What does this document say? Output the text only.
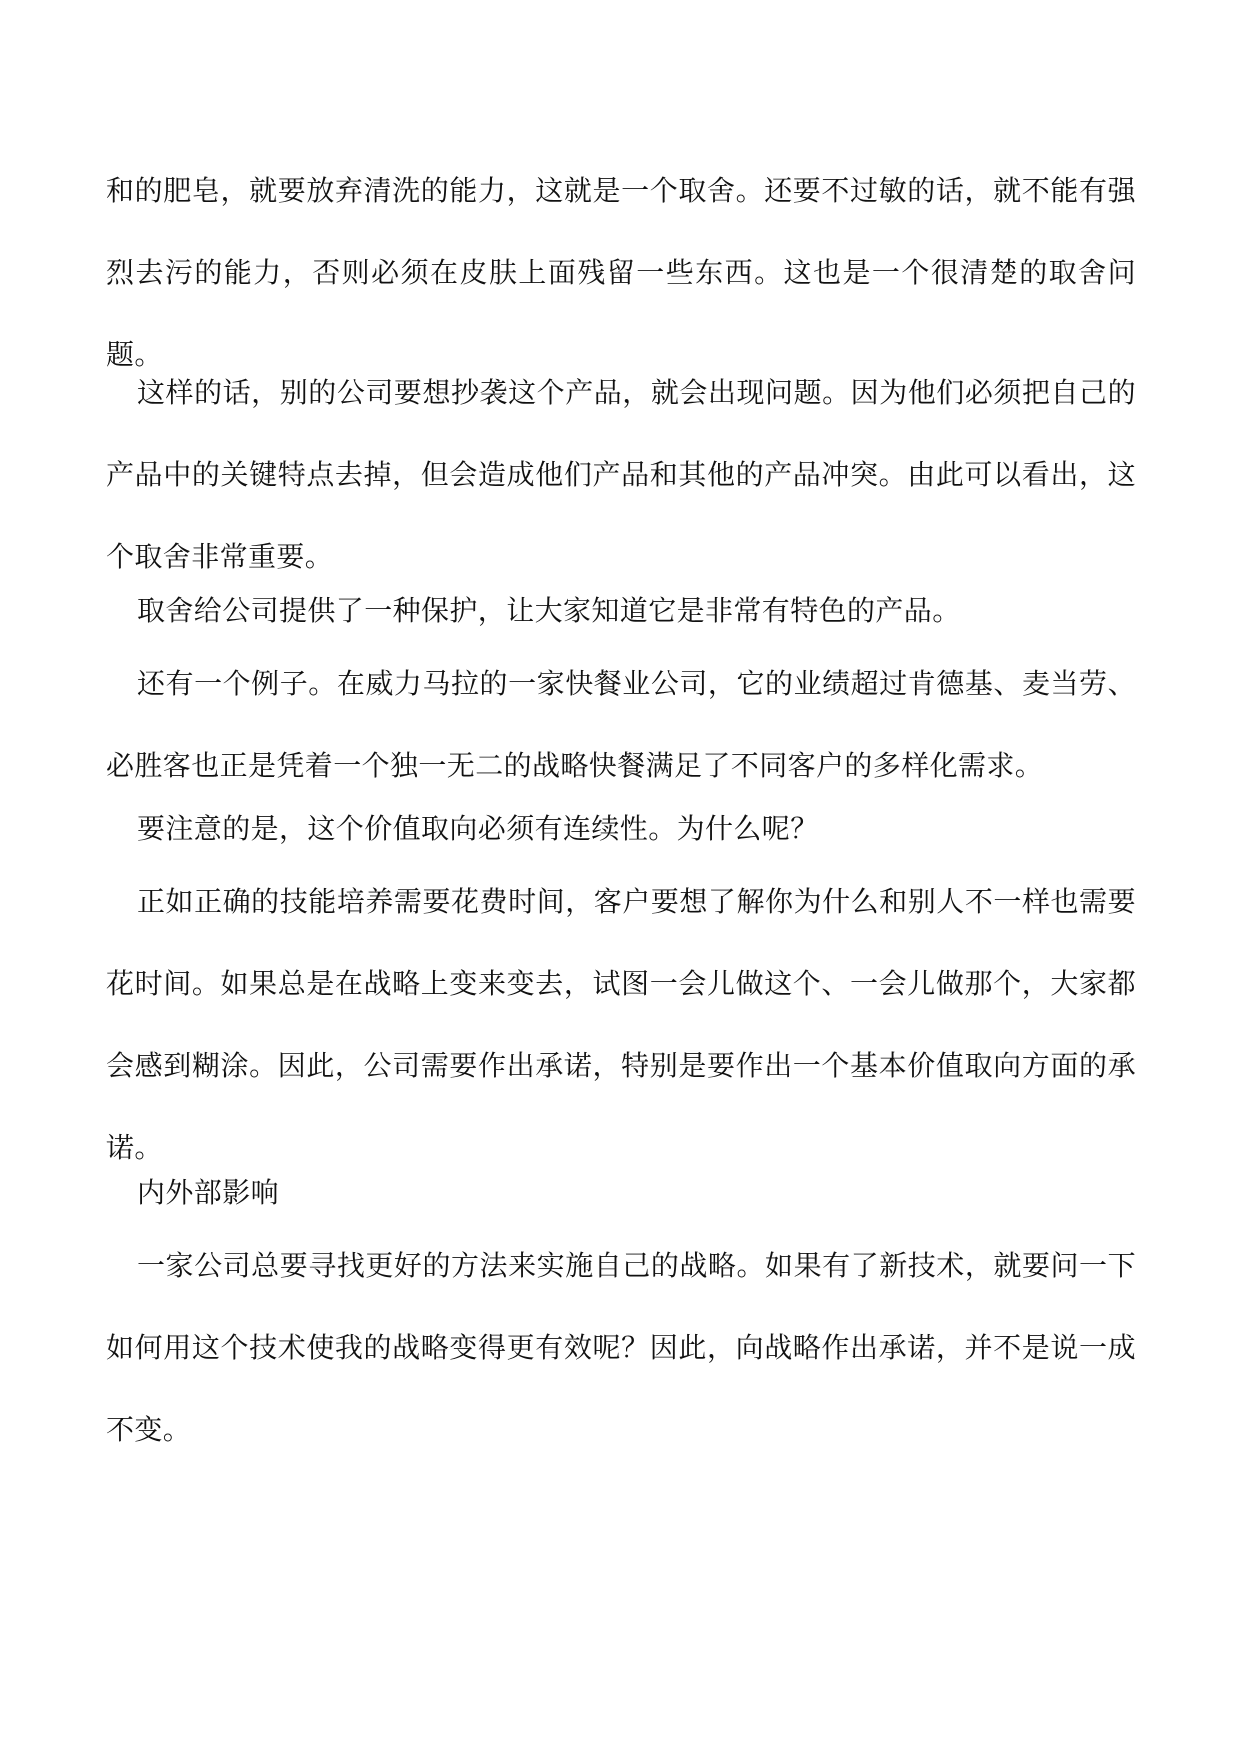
和的肥皂，就要放弃清洗的能力，这就是一个取舍。还要不过敏的话，就不能有强烈去污的能力，否则必须在皮肤上面残留一些东西。这也是一个很清楚的取舍问题。

这样的话，别的公司要想抄袭这个产品，就会出现问题。因为他们必须把自己的产品中的关键特点去掉，但会造成他们产品和其他的产品冲突。由此可以看出，这个取舍非常重要。

取舍给公司提供了一种保护，让大家知道它是非常有特色的产品。

还有一个例子。在威力马拉的一家快餐业公司，它的业绩超过肯德基、麦当劳、必胜客也正是凭着一个独一无二的战略快餐满足了不同客户的多样化需求。

要注意的是，这个价值取向必须有连续性。为什么呢？

正如正确的技能培养需要花费时间，客户要想了解你为什么和别人不一样也需要花时间。如果总是在战略上变来变去，试图一会儿做这个、一会儿做那个，大家都会感到糊涂。因此，公司需要作出承诺，特别是要作出一个基本价值取向方面的承诺。

内外部影响

一家公司总要寻找更好的方法来实施自己的战略。如果有了新技术，就要问一下如何用这个技术使我的战略变得更有效呢？因此，向战略作出承诺，并不是说一成不变。
